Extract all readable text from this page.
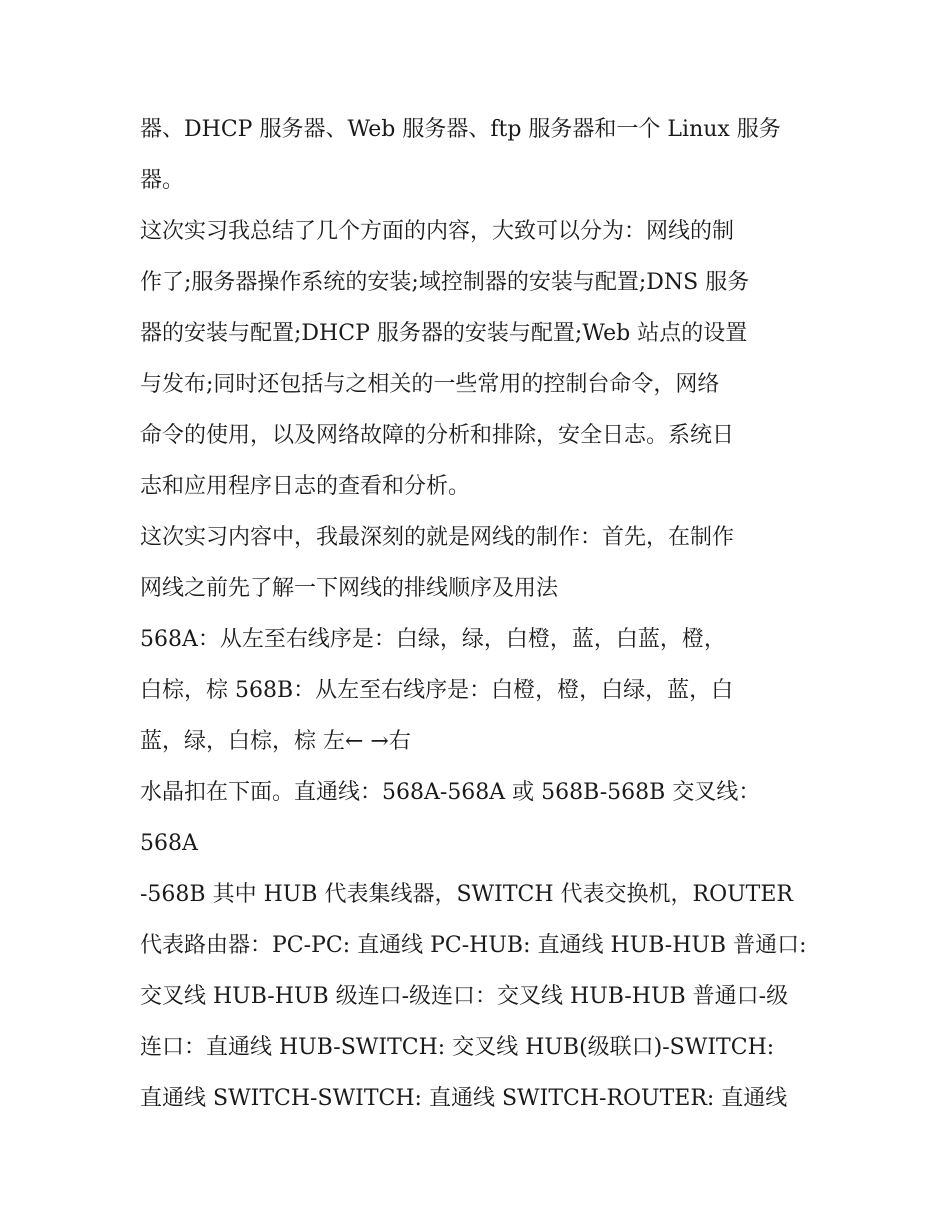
器、DHCP 服务器、Web 服务器、ftp 服务器和一个 Linux 服务
器。
这次实习我总结了几个方面的内容，大致可以分为：网线的制
作了;服务器操作系统的安装;域控制器的安装与配置;DNS 服务
器的安装与配置;DHCP 服务器的安装与配置;Web 站点的设置
与发布;同时还包括与之相关的一些常用的控制台命令，网络
命令的使用，以及网络故障的分析和排除，安全日志。系统日
志和应用程序日志的查看和分析。
这次实习内容中，我最深刻的就是网线的制作：首先，在制作
网线之前先了解一下网线的排线顺序及用法
568A：从左至右线序是：白绿，绿，白橙，蓝，白蓝，橙，
白棕，棕 568B：从左至右线序是：白橙，橙，白绿，蓝，白
蓝，绿，白棕，棕 左← →右
水晶扣在下面。直通线：568A-568A 或 568B-568B 交叉线：
568A
-568B 其中 HUB 代表集线器，SWITCH 代表交换机，ROUTER
代表路由器：PC-PC: 直通线 PC-HUB: 直通线 HUB-HUB 普通口:
交叉线 HUB-HUB 级连口-级连口：交叉线 HUB-HUB 普通口-级
连口：直通线 HUB-SWITCH: 交叉线 HUB(级联口)-SWITCH:
直通线 SWITCH-SWITCH: 直通线 SWITCH-ROUTER: 直通线
